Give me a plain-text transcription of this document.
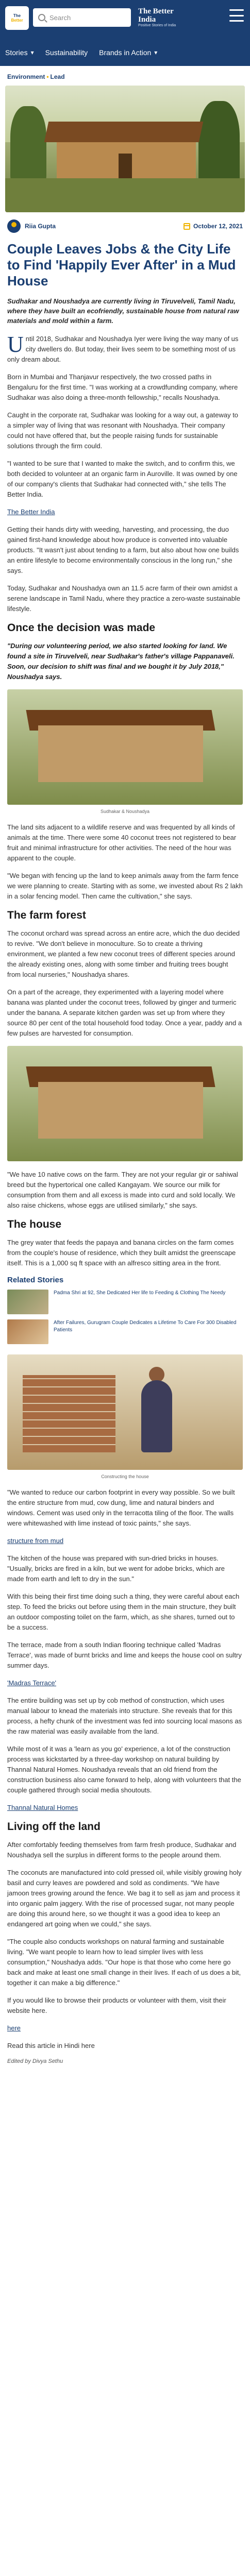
The
Better	Search
The Better
India
Positive Stories of India
Stories ▾ Sustainability Brands in Action ▾
Environment • Lead
Riia Gupta	October 12, 2021
Couple Leaves Jobs & the City Life to Find 'Happily Ever After' in a Mud House

Sudhakar and Noushadya are currently living in Tiruvelveli, Tamil Nadu, where they have built an ecofriendly, sustainable house from natural raw materials and mold within a farm.

Until 2018, Sudhakar and Noushadya Iyer were living the way many of us city dwellers do. But today, their lives seem to be something most of us only dream about.

Born in Mumbai and Thanjavur respectively, the two crossed paths in Bengaluru for the first time. "I was working at a crowdfunding company, where Sudhakar was also doing a three-month fellowship," recalls Noushadya.

Caught in the corporate rat, Sudhakar was looking for a way out, a gateway to a simpler way of living that was resonant with Noushadya. Their company could not have offered that, but the people raising funds for sustainable solutions through the firm could.

"I wanted to be sure that I wanted to make the switch, and to confirm this, we both decided to volunteer at an organic farm in Auroville. It was owned by one of our company's clients that Sudhakar had connected with," she tells The Better India.

The Better India

Getting their hands dirty with weeding, harvesting, and processing, the duo gained first-hand knowledge about how produce is converted into valuable products. "It wasn't just about tending to a farm, but also about how one builds an entire lifestyle to become environmentally conscious in the long run," she says.

Today, Sudhakar and Noushadya own an 11.5 acre farm of their own amidst a serene landscape in Tamil Nadu, where they practice a zero-waste sustainable lifestyle.

Once the decision was made

"During our volunteering period, we also started looking for land. We found a site in Tiruvelveli, near Sudhakar's father's village Pappanaveli. Soon, our decision to shift was final and we bought it by July 2018," Noushadya says.

Sudhakar & Noushadya

The land sits adjacent to a wildlife reserve and was frequented by all kinds of animals at the time. There were some 40 coconut trees not registered to bear fruit and minimal infrastructure for other activities. The need of the hour was apparent to the couple.

"We began with fencing up the land to keep animals away from the farm fence we were planning to create. Starting with as some, we invested about Rs 2 lakh in a solar fencing model. Then came the cultivation," she says.

The farm forest

The coconut orchard was spread across an entire acre, which the duo decided to revive. "We don't believe in monoculture. So to create a thriving environment, we planted a few new coconut trees of different species around the already existing ones, along with some timber and fruiting trees bought from local nurseries," Noushadya shares.

On a part of the acreage, they experimented with a layering model where banana was planted under the coconut trees, followed by ginger and turmeric under the banana. A separate kitchen garden was set up from where they source 80 per cent of the total household food today. Once a year, paddy and a few pulses are harvested for consumption.

"We have 10 native cows on the farm. They are not your regular gir or sahiwal breed but the hypertorical one called Kangayam. We source our milk for consumption from them and all excess is made into curd and sold locally. We also raise chickens, whose eggs are utilised similarly," she says.

The house

The grey water that feeds the papaya and banana circles on the farm comes from the couple's house of residence, which they built amidst the greenscape itself. This is a 1,000 sq ft space with an alfresco sitting area in the front.

Related Stories
Padma Shri at 92, She Dedicated Her life to Feeding & Clothing The Needy
After Failures, Gurugram Couple Dedicates a Lifetime To Care For 300 Disabled Patients
Constructing the house

"We wanted to reduce our carbon footprint in every way possible. So we built the entire structure from mud, cow dung, lime and natural binders and windows. Cement was used only in the terracotta tiling of the floor. The walls were whitewashed with lime instead of toxic paints," she says.

structure from mud

The kitchen of the house was prepared with sun-dried bricks in houses. "Usually, bricks are fired in a kiln, but we went for adobe bricks, which are made from earth and left to dry in the sun."

With this being their first time doing such a thing, they were careful about each step. To feed the bricks out before using them in the main structure, they built an outdoor composting toilet on the farm, which, as she shares, turned out to be a success.

The terrace, made from a south Indian flooring technique called 'Madras Terrace', was made of burnt bricks and lime and keeps the house cool on sultry summer days.

'Madras Terrace'

The entire building was set up by cob method of construction, which uses manual labour to knead the materials into structure. She reveals that for this process, a hefty chunk of the investment was fed into sourcing local masons as the raw material was easily available from the land.

While most of it was a 'learn as you go' experience, a lot of the construction process was kickstarted by a three-day workshop on natural building by Thannal Natural Homes. Noushadya reveals that an old friend from the construction business also came forward to help, along with volunteers that the couple gathered through social media shoutouts.

Thannal Natural Homes

Living off the land

After comfortably feeding themselves from farm fresh produce, Sudhakar and Noushadya sell the surplus in different forms to the people around them.

The coconuts are manufactured into cold pressed oil, while visibly growing holy basil and curry leaves are powdered and sold as condiments. "We have jamoon trees growing around the fence. We bag it to sell as jam and process it into organic palm jaggery. With the rise of processed sugar, not many people are doing this around here, so we thought it was a good idea to keep an endangered art going when we could," she says.

"The couple also conducts workshops on natural farming and sustainable living. "We want people to learn how to lead simpler lives with less consumption," Noushadya adds. "Our hope is that those who come here go back and make at least one small change in their lives. If each of us does a bit, together it can make a big difference."

If you would like to browse their products or volunteer with them, visit their website here.

here

Read this article in Hindi here

Edited by Divya Sethu
